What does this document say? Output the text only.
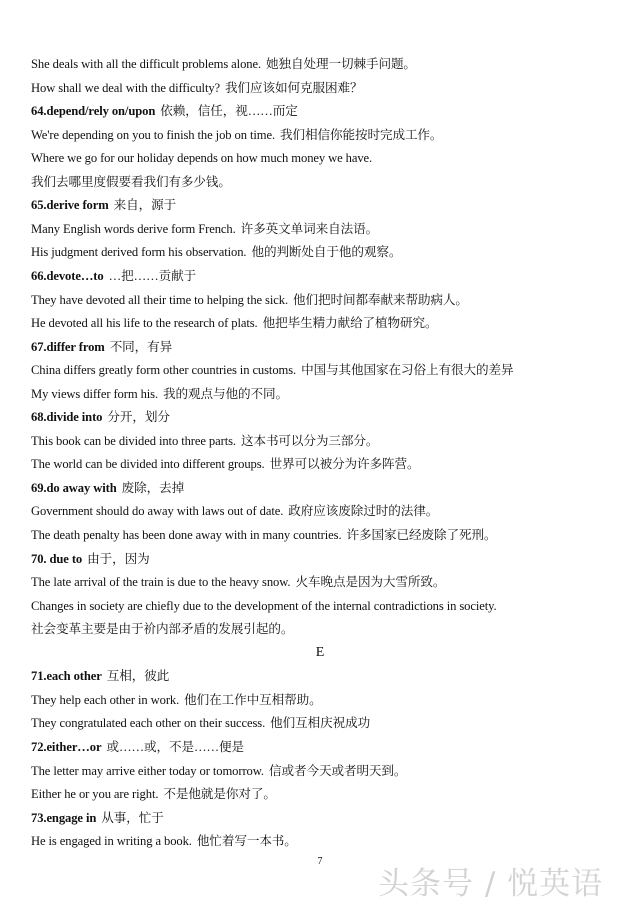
She deals with all the difficult problems alone. 她独自处理一切棘手问题。
How shall we deal with the difficulty? 我们应该如何克服困难？
64.depend/rely on/upon 依赖，信任，视……而定
We're depending on you to finish the job on time. 我们相信你能按时完成工作。
Where we go for our holiday depends on how much money we have.
我们去哪里度假要看我们有多少钱。
65.derive form 来自，源于
Many English words derive form French. 许多英文单词来自法语。
His judgment derived form his observation. 他的判断处自于他的观察。
66.devote…to …把……贡献于
They have devoted all their time to helping the sick. 他们把时间都奉献来帮助病人。
He devoted all his life to the research of plats. 他把毕生精力献给了植物研究。
67.differ from 不同，有异
China differs greatly form other countries in customs. 中国与其他国家在习俗上有很大的差异
My views differ form his. 我的观点与他的不同。
68.divide into 分开，划分
This book can be divided into three parts. 这本书可以分为三部分。
The world can be divided into different groups. 世界可以被分为许多阵营。
69.do away with 废除，去掉
Government should do away with laws out of date. 政府应该废除过时的法律。
The death penalty has been done away with in many countries. 许多国家已经废除了死刑。
70. due to 由于，因为
The late arrival of the train is due to the heavy snow. 火车晚点是因为大雪所致。
Changes in society are chiefly due to the development of the internal contradictions in society.
社会变革主要是由于祄内部矛盾的发展引起的。
E
71.each other 互相，彼此
They help each other in work. 他们在工作中互相帮助。
They congratulated each other on their success. 他们互相庆祝成功
72.either…or 或……或，不是……便是
The letter may arrive either today or tomorrow. 信或者今天或者明天到。
Either he or you are right. 不是他就是你对了。
73.engage in 从事，忙于
He is engaged in writing a book. 他忙着写一本书。
7
头条号 / 悦英语
